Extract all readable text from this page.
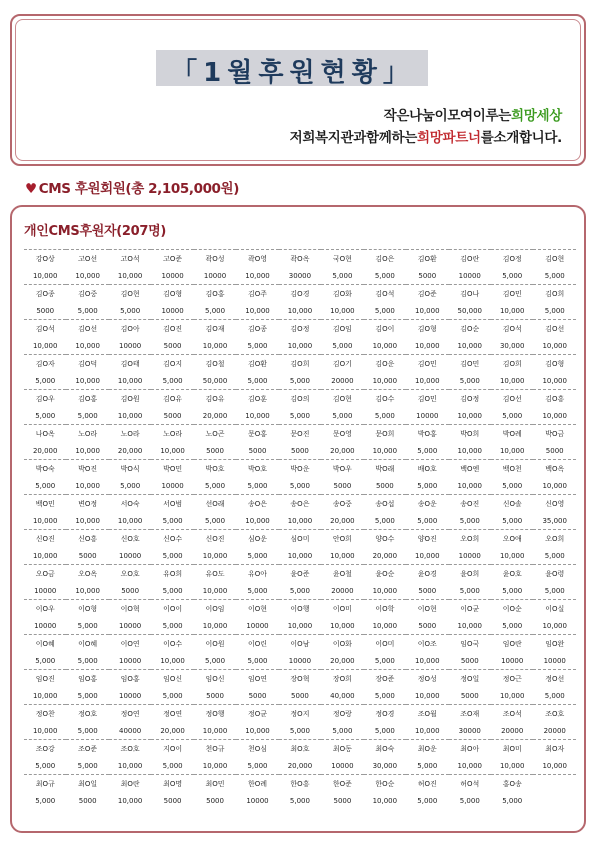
「1월후원현황」
작은나눔이모여이루는희망세상
저희복지관과함께하는희망파트너를소개합니다.
♥ CMS 후원회원(총 2,105,000원)
개인CMS후원자(207명)
강O상	고O선	고O석	고O준	곽O성	곽O영	곽O옥	국O현	김O은	김O환	김O란	김O정	김O현
10,000	10,000	10,000	10000	10000	10,000	30000	5,000	5,000	5000	10000	5,000	5,000
김O종	김O중	김O현	김O형	김O홍	김O주	김O경	김O화	김O석	김O준	김O나	김O민	김O희
5000	5,000	5,000	10000	5,000	10,000	10,000	10,000	5,000	10,000	50,000	10,000	5,000
김O석	김O선	김O아	김O진	김O재	김O종	김O정	김O임	김O이	김O형	김O순	김O석	김O선
10,000	10,000	10000	5000	10,000	5,000	10,000	5,000	10,000	10,000	10,000	30,000	10,000
김O자	김O덕	김O태	김O지	김O철	김O환	김O희	김O기	김O운	김O민	김O민	김O희	김O형
5,000	10,000	10,000	5,000	50,000	5,000	5,000	20000	10,000	10,000	5,000	10,000	10,000
김O우	김O홍	김O원	김O유	김O유	김O훈	김O의	김O현	김O수	김O민	김O정	김O선	김O흥
5,000	5,000	10,000	5000	20,000	10,000	5,000	5,000	5,000	10000	10,000	5,000	10,000
나O옥	노O라	노O라	노O라	노O곤	문O홍	문O진	문O영	문O희	박O홍	박O희	박O례	박O금
20,000	10,000	20,000	10,000	5000	5000	5000	20,000	10,000	5,000	10,000	10,000	5000
박O숙	박O진	박O식	박O민	박O호	박O호	박O운	박O우	박O래	배O호	백O엔	백O천	백O옥
5,000	10,000	5,000	10000	5,000	5,000	5,000	5000	5000	5,000	10,000	5,000	10,000
백O민	변O정	서O숙	서O범	선O래	송O은	송O은	송O중	송O섭	송O운	송O진	신O솔	신O영
10,000	10,000	10,000	5,000	5,000	10,000	10,000	20,000	5,000	5,000	5,000	5,000	35,000
신O진	신O흥	신O호	신O수	신O진	심O운	심O미	안O희	양O수	양O진	오O희	오O애	오O희
10,000	5000	10000	5,000	10,000	5,000	10,000	10,000	20,000	10,000	10000	10,000	5,000
오O금	오O옥	오O호	유O희	유O도	유O아	윤O준	윤O철	윤O순	윤O경	윤O희	윤O호	윤O령
10000	10,000	5000	5,000	10,000	5,000	5,000	20000	10,000	5000	5,000	5,000	5,000
이O우	이O형	이O혁	이O이	이O임	이O현	이O행	이O미	이O학	이O현	이O균	이O순	이O실
10000	5,000	10000	5,000	10,000	10000	10,000	10,000	10,000	5000	10,000	5,000	10,000
이O혜	이O혜	이O연	이O수	이O원	이O린	이O남	이O화	이O미	이O조	임O국	임O란	임O완
5,000	5,000	10000	10,000	5,000	5,000	10000	20,000	5,000	10,000	5000	10000	10000
임O진	임O홍	임O홍	임O신	임O신	임O연	장O혁	장O희	장O준	정O성	정O일	정O근	정O선
10,000	5,000	10000	5,000	5000	5000	5000	40,000	5,000	10,000	5000	10,000	5,000
정O찬	정O호	정O연	정O연	정O행	정O균	정O지	정O랑	정O경	조O월	조O재	조O석	조O호
10,000	5,000	40000	20,000	10,000	10,000	5,000	5,000	5,000	10,000	30000	20000	20000
조O강	조O준	조O호	지O이	천O규	천O심	최O호	최O동	최O숙	최O운	최O아	최O미	최O자
5,000	5,000	10,000	5,000	10,000	5,000	20,000	10000	30,000	5,000	10,000	10,000	10,000
최O규	최O일	최O란	최O명	최O민	한O례	한O흥	한O준	한O순	허O진	허O석	홍O송	
5,000	5000	10,000	5000	5000	10000	5,000	5000	10,000	5,000	5,000	5,000	
